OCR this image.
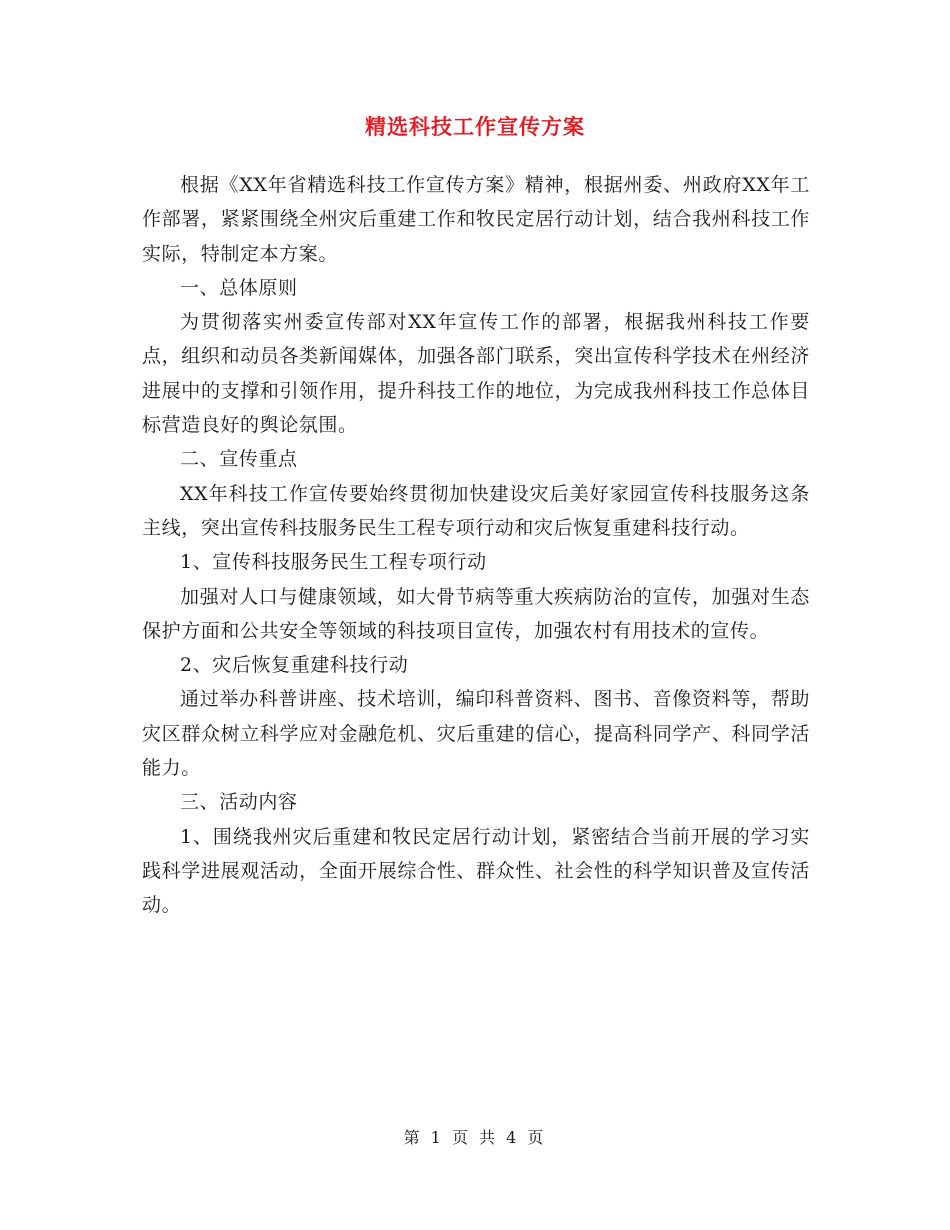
精选科技工作宣传方案

根据《XX年省精选科技工作宣传方案》精神，根据州委、州政府XX年工作部署，紧紧围绕全州灾后重建工作和牧民定居行动计划，结合我州科技工作实际，特制定本方案。

一、总体原则

为贯彻落实州委宣传部对XX年宣传工作的部署，根据我州科技工作要点，组织和动员各类新闻媒体，加强各部门联系，突出宣传科学技术在州经济进展中的支撑和引领作用，提升科技工作的地位，为完成我州科技工作总体目标营造良好的舆论氛围。

二、宣传重点

XX年科技工作宣传要始终贯彻加快建设灾后美好家园宣传科技服务这条主线，突出宣传科技服务民生工程专项行动和灾后恢复重建科技行动。

1、宣传科技服务民生工程专项行动

加强对人口与健康领域，如大骨节病等重大疾病防治的宣传，加强对生态保护方面和公共安全等领域的科技项目宣传，加强农村有用技术的宣传。

2、灾后恢复重建科技行动

通过举办科普讲座、技术培训，编印科普资料、图书、音像资料等，帮助灾区群众树立科学应对金融危机、灾后重建的信心，提高科同学产、科同学活能力。

三、活动内容

1、围绕我州灾后重建和牧民定居行动计划，紧密结合当前开展的学习实践科学进展观活动，全面开展综合性、群众性、社会性的科学知识普及宣传活动。

第 1 页 共 4 页
